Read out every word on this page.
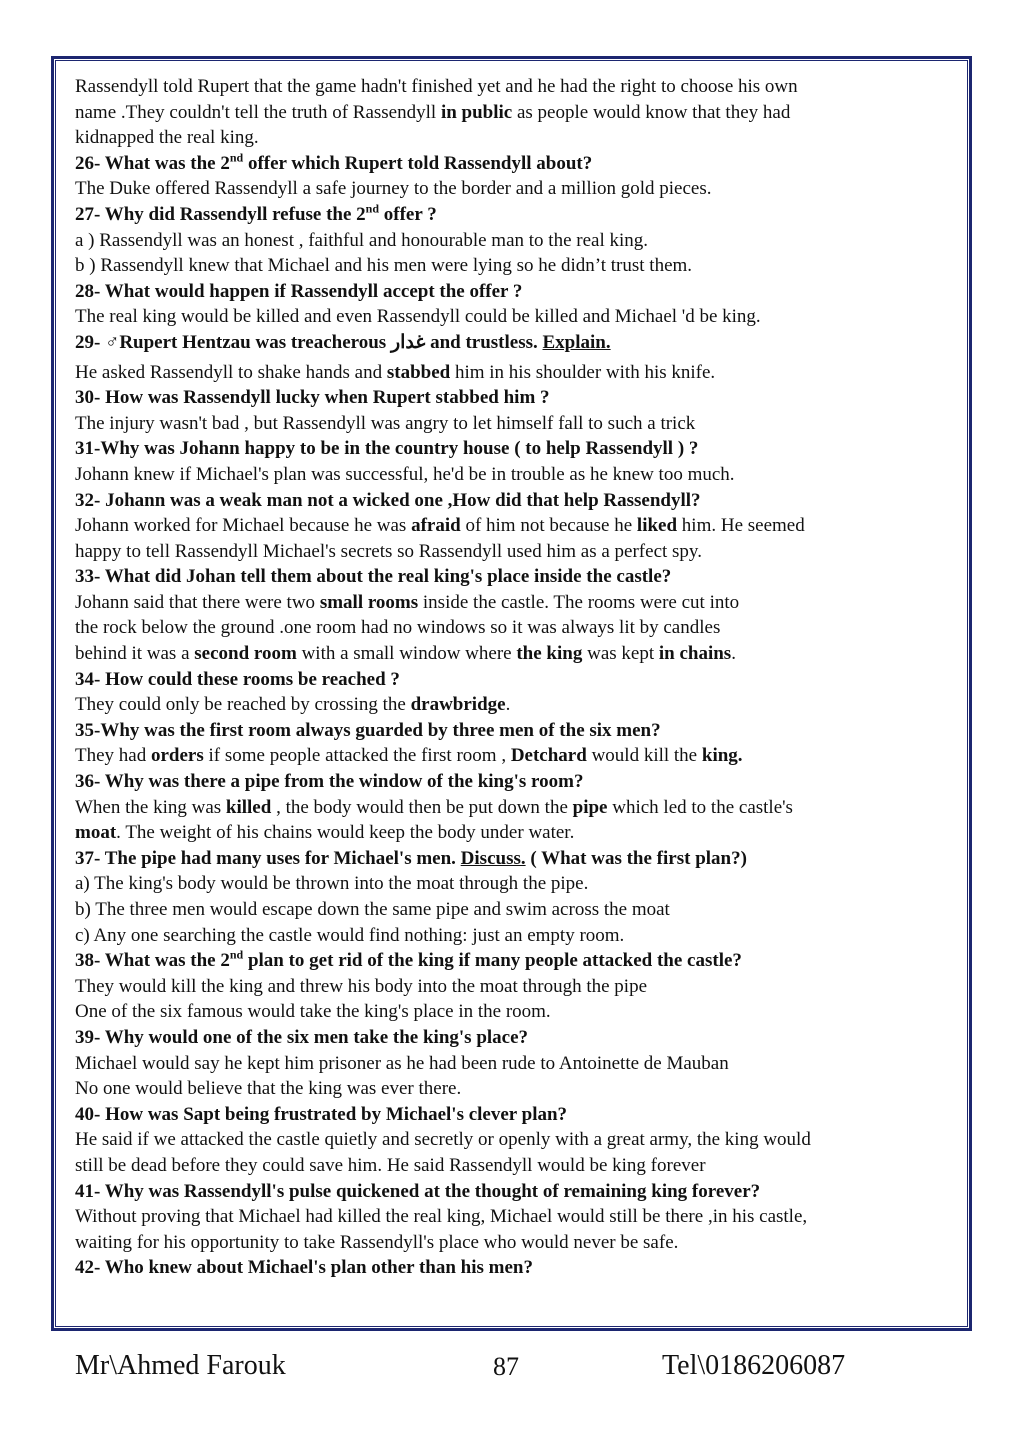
Rassendyll told Rupert that the game hadn't finished yet and he had the right to choose his own

name .They couldn't tell the truth of Rassendyll in public as people would know that they had

kidnapped the real king.

26- What was the 2nd offer which Rupert told Rassendyll about?

The Duke offered Rassendyll a safe journey to the border and a million gold pieces.

27- Why did Rassendyll refuse the 2nd offer ?

a ) Rassendyll was an honest , faithful and honourable man to the real king.

b ) Rassendyll knew that Michael and his men were lying so he didn’t trust them.

28- What would happen if Rassendyll accept the offer ?

The real king would be killed and even Rassendyll could be killed and Michael 'd be king.

29- ♂Rupert Hentzau was treacherous غدار and trustless. Explain.

He asked Rassendyll to shake hands and stabbed him in his shoulder with his knife.

30- How was Rassendyll lucky when Rupert stabbed him ?

The injury wasn't bad , but Rassendyll was angry to let himself fall to such a trick

31-Why was Johann happy to be in the country house ( to help Rassendyll ) ?

Johann knew if Michael's plan was successful, he'd be in trouble as he knew too much.

32- Johann was a weak man not a wicked one ,How did that help Rassendyll?

Johann worked for Michael because he was afraid of him not because he liked him. He seemed

happy to tell Rassendyll Michael's secrets so Rassendyll used him as a perfect spy.

33- What did Johan tell them about the real king's place inside the castle?

Johann said that there were two small rooms inside the castle. The rooms were cut into

the rock below the ground .one room had no windows so it was always lit by candles

behind it was a second room with a small window where the king was kept in chains.

34- How could these rooms be reached ?

They could only be reached by crossing the drawbridge.

35-Why was the first room always guarded by three men of the six men?

They had orders if some people attacked the first room , Detchard would kill the king.

36- Why was there a pipe from the window of the king's room?

When the king was killed , the body would then be put down the pipe which led to the castle's

moat. The weight of his chains would keep the body under water.

37- The pipe had many uses for Michael's men. Discuss. ( What was the first plan?)

a) The king's body would be thrown into the moat through the pipe.

b) The three men would escape down the same pipe and swim across the moat

c) Any one searching the castle would find nothing: just an empty room.

38- What was the 2nd plan to get rid of the king if many people attacked the castle?

They would kill the king and threw his body into the moat through the pipe

One of the six famous would take the king's place in the room.

39- Why would one of the six men take the king's place?

Michael would say he kept him prisoner as he had been rude to Antoinette de Mauban

No one would believe that the king was ever there.

40- How was Sapt being frustrated by Michael's clever plan?

He said if we attacked the castle quietly and secretly or openly with a great army, the king would

still be dead before they could save him. He said Rassendyll would be king forever

41- Why was Rassendyll's pulse quickened at the thought of remaining king forever?

Without proving that Michael had killed the real king, Michael would still be there ,in his castle,

waiting for his opportunity to take Rassendyll's place who would never be safe.

42- Who knew about Michael's plan other than his men?

Mr\Ahmed Farouk	87	Tel\0186206087
